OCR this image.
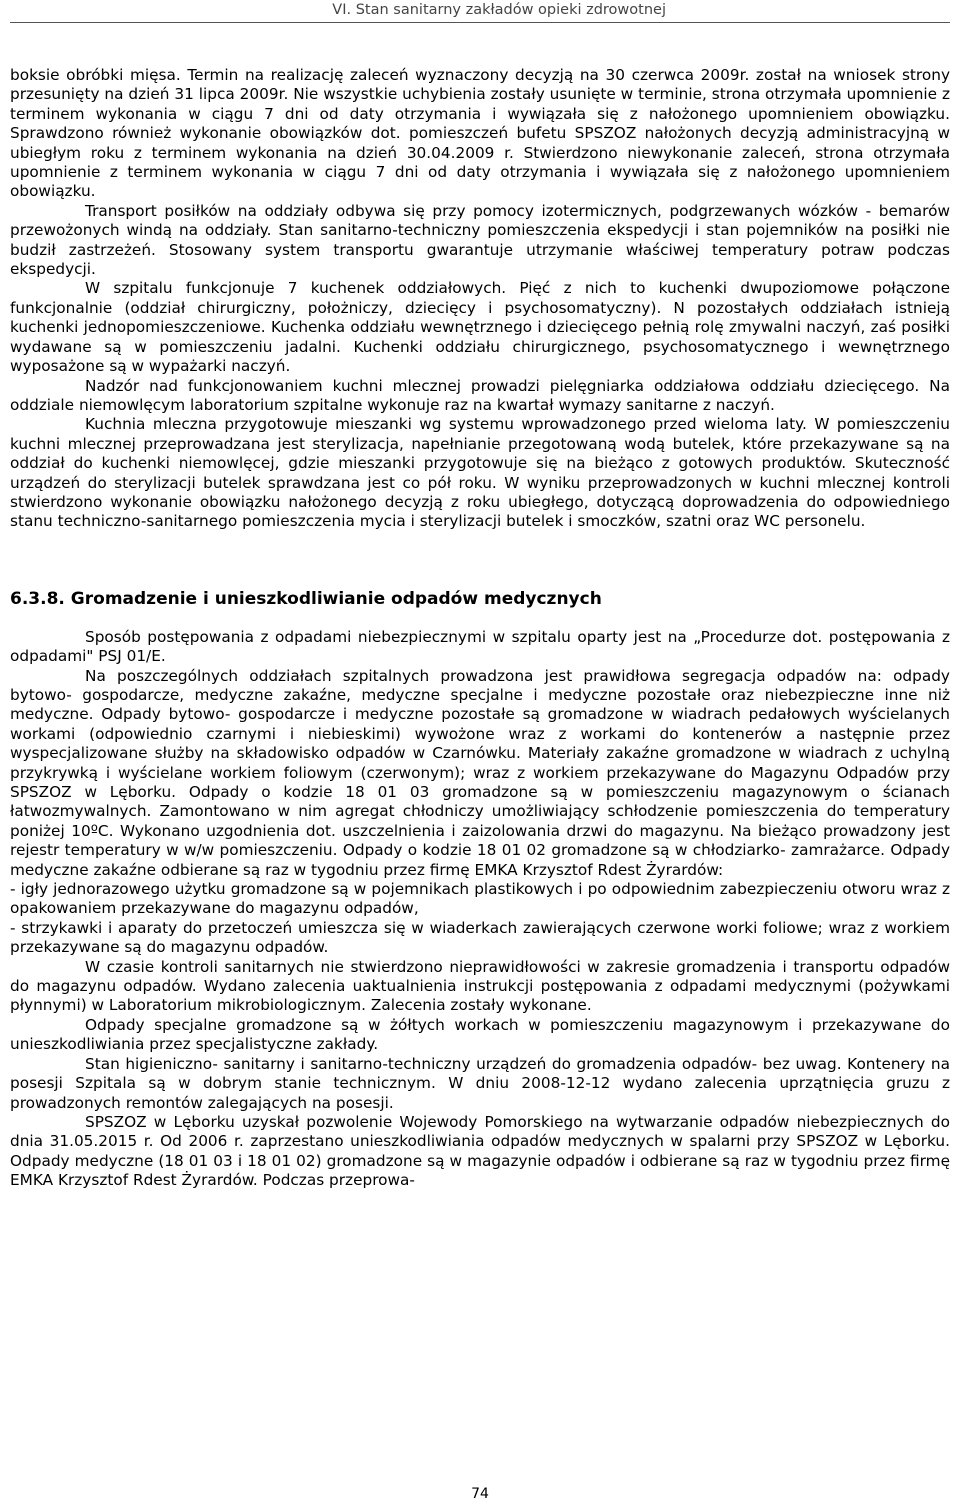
VI. Stan sanitarny zakładów opieki zdrowotnej

boksie obróbki mięsa. Termin na realizację zaleceń wyznaczony decyzją na 30 czerwca 2009r. został na wniosek strony przesunięty na dzień 31 lipca 2009r. Nie wszystkie uchybienia zostały usunięte w terminie, strona otrzymała upomnienie z terminem wykonania w ciągu 7 dni od daty otrzymania i wywiązała się z nałożonego upomnieniem obowiązku. Sprawdzono również wykonanie obowiązków dot. pomieszczeń bufetu SPSZOZ nałożonych decyzją administracyjną w ubiegłym roku z terminem wykonania na dzień 30.04.2009 r. Stwierdzono niewykonanie zaleceń, strona otrzymała upomnienie z terminem wykonania w ciągu 7 dni od daty otrzymania i wywiązała się z nałożonego upomnieniem obowiązku.

Transport posiłków na oddziały odbywa się przy pomocy izotermicznych, podgrzewanych wózków - bemarów przewożonych windą na oddziały. Stan sanitarno-techniczny pomieszczenia ekspedycji i stan pojemników na posiłki nie budził zastrzeżeń. Stosowany system transportu gwarantuje utrzymanie właściwej temperatury potraw podczas ekspedycji.

W szpitalu funkcjonuje 7 kuchenek oddziałowych. Pięć z nich to kuchenki dwupoziomowe połączone funkcjonalnie (oddział chirurgiczny, położniczy, dziecięcy i psychosomatyczny). N pozostałych oddziałach istnieją kuchenki jednopomieszczeniowe. Kuchenka oddziału wewnętrznego i dziecięcego pełnią rolę zmywalni naczyń, zaś posiłki wydawane są w pomieszczeniu jadalni. Kuchenki oddziału chirurgicznego, psychosomatycznego i wewnętrznego wyposażone są w wypażarki naczyń.

Nadzór nad funkcjonowaniem kuchni mlecznej prowadzi pielęgniarka oddziałowa oddziału dziecięcego. Na oddziale niemowlęcym laboratorium szpitalne wykonuje raz na kwartał wymazy sanitarne z naczyń.

Kuchnia mleczna przygotowuje mieszanki wg systemu wprowadzonego przed wieloma laty. W pomieszczeniu kuchni mlecznej przeprowadzana jest sterylizacja, napełnianie przegotowaną wodą butelek, które przekazywane są na oddział do kuchenki niemowlęcej, gdzie mieszanki przygotowuje się na bieżąco z gotowych produktów. Skuteczność urządzeń do sterylizacji butelek sprawdzana jest co pół roku. W wyniku przeprowadzonych w kuchni mlecznej kontroli stwierdzono wykonanie obowiązku nałożonego decyzją z roku ubiegłego, dotyczącą doprowadzenia do odpowiedniego stanu techniczno-sanitarnego pomieszczenia mycia i sterylizacji butelek i smoczków, szatni oraz WC personelu.

6.3.8. Gromadzenie i unieszkodliwianie odpadów medycznych

Sposób postępowania z odpadami niebezpiecznymi w szpitalu oparty jest na „Procedurze dot. postępowania z odpadami" PSJ 01/E.

Na poszczególnych oddziałach szpitalnych prowadzona jest prawidłowa segregacja odpadów na: odpady bytowo- gospodarcze, medyczne zakaźne, medyczne specjalne i medyczne pozostałe oraz niebezpieczne inne niż medyczne. Odpady bytowo- gospodarcze i medyczne pozostałe są gromadzone w wiadrach pedałowych wyścielanych workami (odpowiednio czarnymi i niebieskimi) wywożone wraz z workami do kontenerów a następnie przez wyspecjalizowane służby na składowisko odpadów w Czarnówku. Materiały zakaźne gromadzone w wiadrach z uchylną przykrywką i wyścielane workiem foliowym (czerwonym); wraz z workiem przekazywane do Magazynu Odpadów przy SPSZOZ w Lęborku. Odpady o kodzie 18 01 03 gromadzone są w pomieszczeniu magazynowym o ścianach łatwozmywalnych. Zamontowano w nim agregat chłodniczy umożliwiający schłodzenie pomieszczenia do temperatury poniżej 10ºC. Wykonano uzgodnienia dot. uszczelnienia i zaizolowania drzwi do magazynu. Na bieżąco prowadzony jest rejestr temperatury w w/w pomieszczeniu. Odpady o kodzie 18 01 02 gromadzone są w chłodziarko- zamrażarce. Odpady medyczne zakaźne odbierane są raz w tygodniu przez firmę EMKA Krzysztof Rdest Żyrardów:

- igły jednorazowego użytku gromadzone są w pojemnikach plastikowych i po odpowiednim zabezpieczeniu otworu wraz z opakowaniem przekazywane do magazynu odpadów,

- strzykawki i aparaty do przetoczeń umieszcza się w wiaderkach zawierających czerwone worki foliowe; wraz z workiem przekazywane są do magazynu odpadów.

W czasie kontroli sanitarnych nie stwierdzono nieprawidłowości w zakresie gromadzenia i transportu odpadów do magazynu odpadów. Wydano zalecenia uaktualnienia instrukcji postępowania z odpadami medycznymi (pożywkami płynnymi) w Laboratorium mikrobiologicznym. Zalecenia zostały wykonane.

Odpady specjalne gromadzone są w żółtych workach w pomieszczeniu magazynowym i przekazywane do unieszkodliwiania przez specjalistyczne zakłady.

Stan higieniczno- sanitarny i sanitarno-techniczny urządzeń do gromadzenia odpadów- bez uwag. Kontenery na posesji Szpitala są w dobrym stanie technicznym. W dniu 2008-12-12 wydano zalecenia uprzątnięcia gruzu z prowadzonych remontów zalegających na posesji.

SPSZOZ w Lęborku uzyskał pozwolenie Wojewody Pomorskiego na wytwarzanie odpadów niebezpiecznych do dnia 31.05.2015 r. Od 2006 r. zaprzestano unieszkodliwiania odpadów medycznych w spalarni przy SPSZOZ w Lęborku. Odpady medyczne (18 01 03 i 18 01 02) gromadzone są w magazynie odpadów i odbierane są raz w tygodniu przez firmę EMKA Krzysztof Rdest Żyrardów. Podczas przeprowa-

74
